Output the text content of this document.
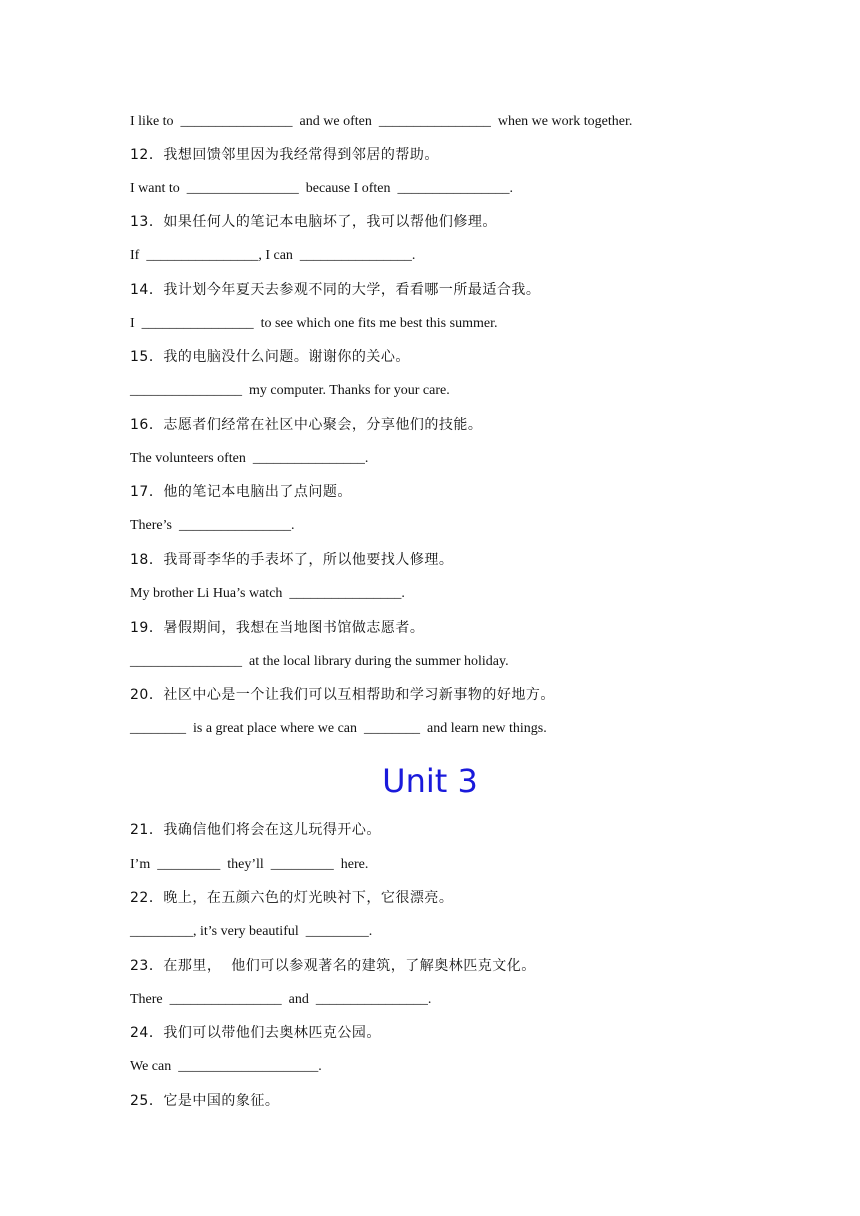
I like to  ________________  and we often  ________________  when we work together.
12．我想回馈邻里因为我经常得到邻居的帮助。
I want to  ________________  because I often  ________________.
13．如果任何人的笔记本电脑坏了，我可以帮他们修理。
If  ________________, I can  ________________.
14．我计划今年夏天去参观不同的大学，看看哪一所最适合我。
I  ________________  to see which one fits me best this summer.
15．我的电脑没什么问题。谢谢你的关心。
________________  my computer. Thanks for your care.
16．志愿者们经常在社区中心聚会，分享他们的技能。
The volunteers often  ________________.
17．他的笔记本电脑出了点问题。
There’s  ________________.
18．我哥哥李华的手表坏了，所以他要找人修理。
My brother Li Hua’s watch  ________________.
19．暑假期间，我想在当地图书馆做志愿者。
________________  at the local library during the summer holiday.
20．社区中心是一个让我们可以互相帮助和学习新事物的好地方。
________  is a great place where we can  ________  and learn new things.
Unit 3
21．我确信他们将会在这儿玩得开心。
I’m  _________  they’ll  _________  here.
22．晚上，在五颜六色的灯光映衬下，它很漂亮。
_________, it’s very beautiful  _________.
23．在那里，  他们可以参观著名的建筑，了解奥林匹克文化。
There  ________________  and  ________________.
24．我们可以带他们去奥林匹克公园。
We can  ____________________.
25．它是中国的象征。
